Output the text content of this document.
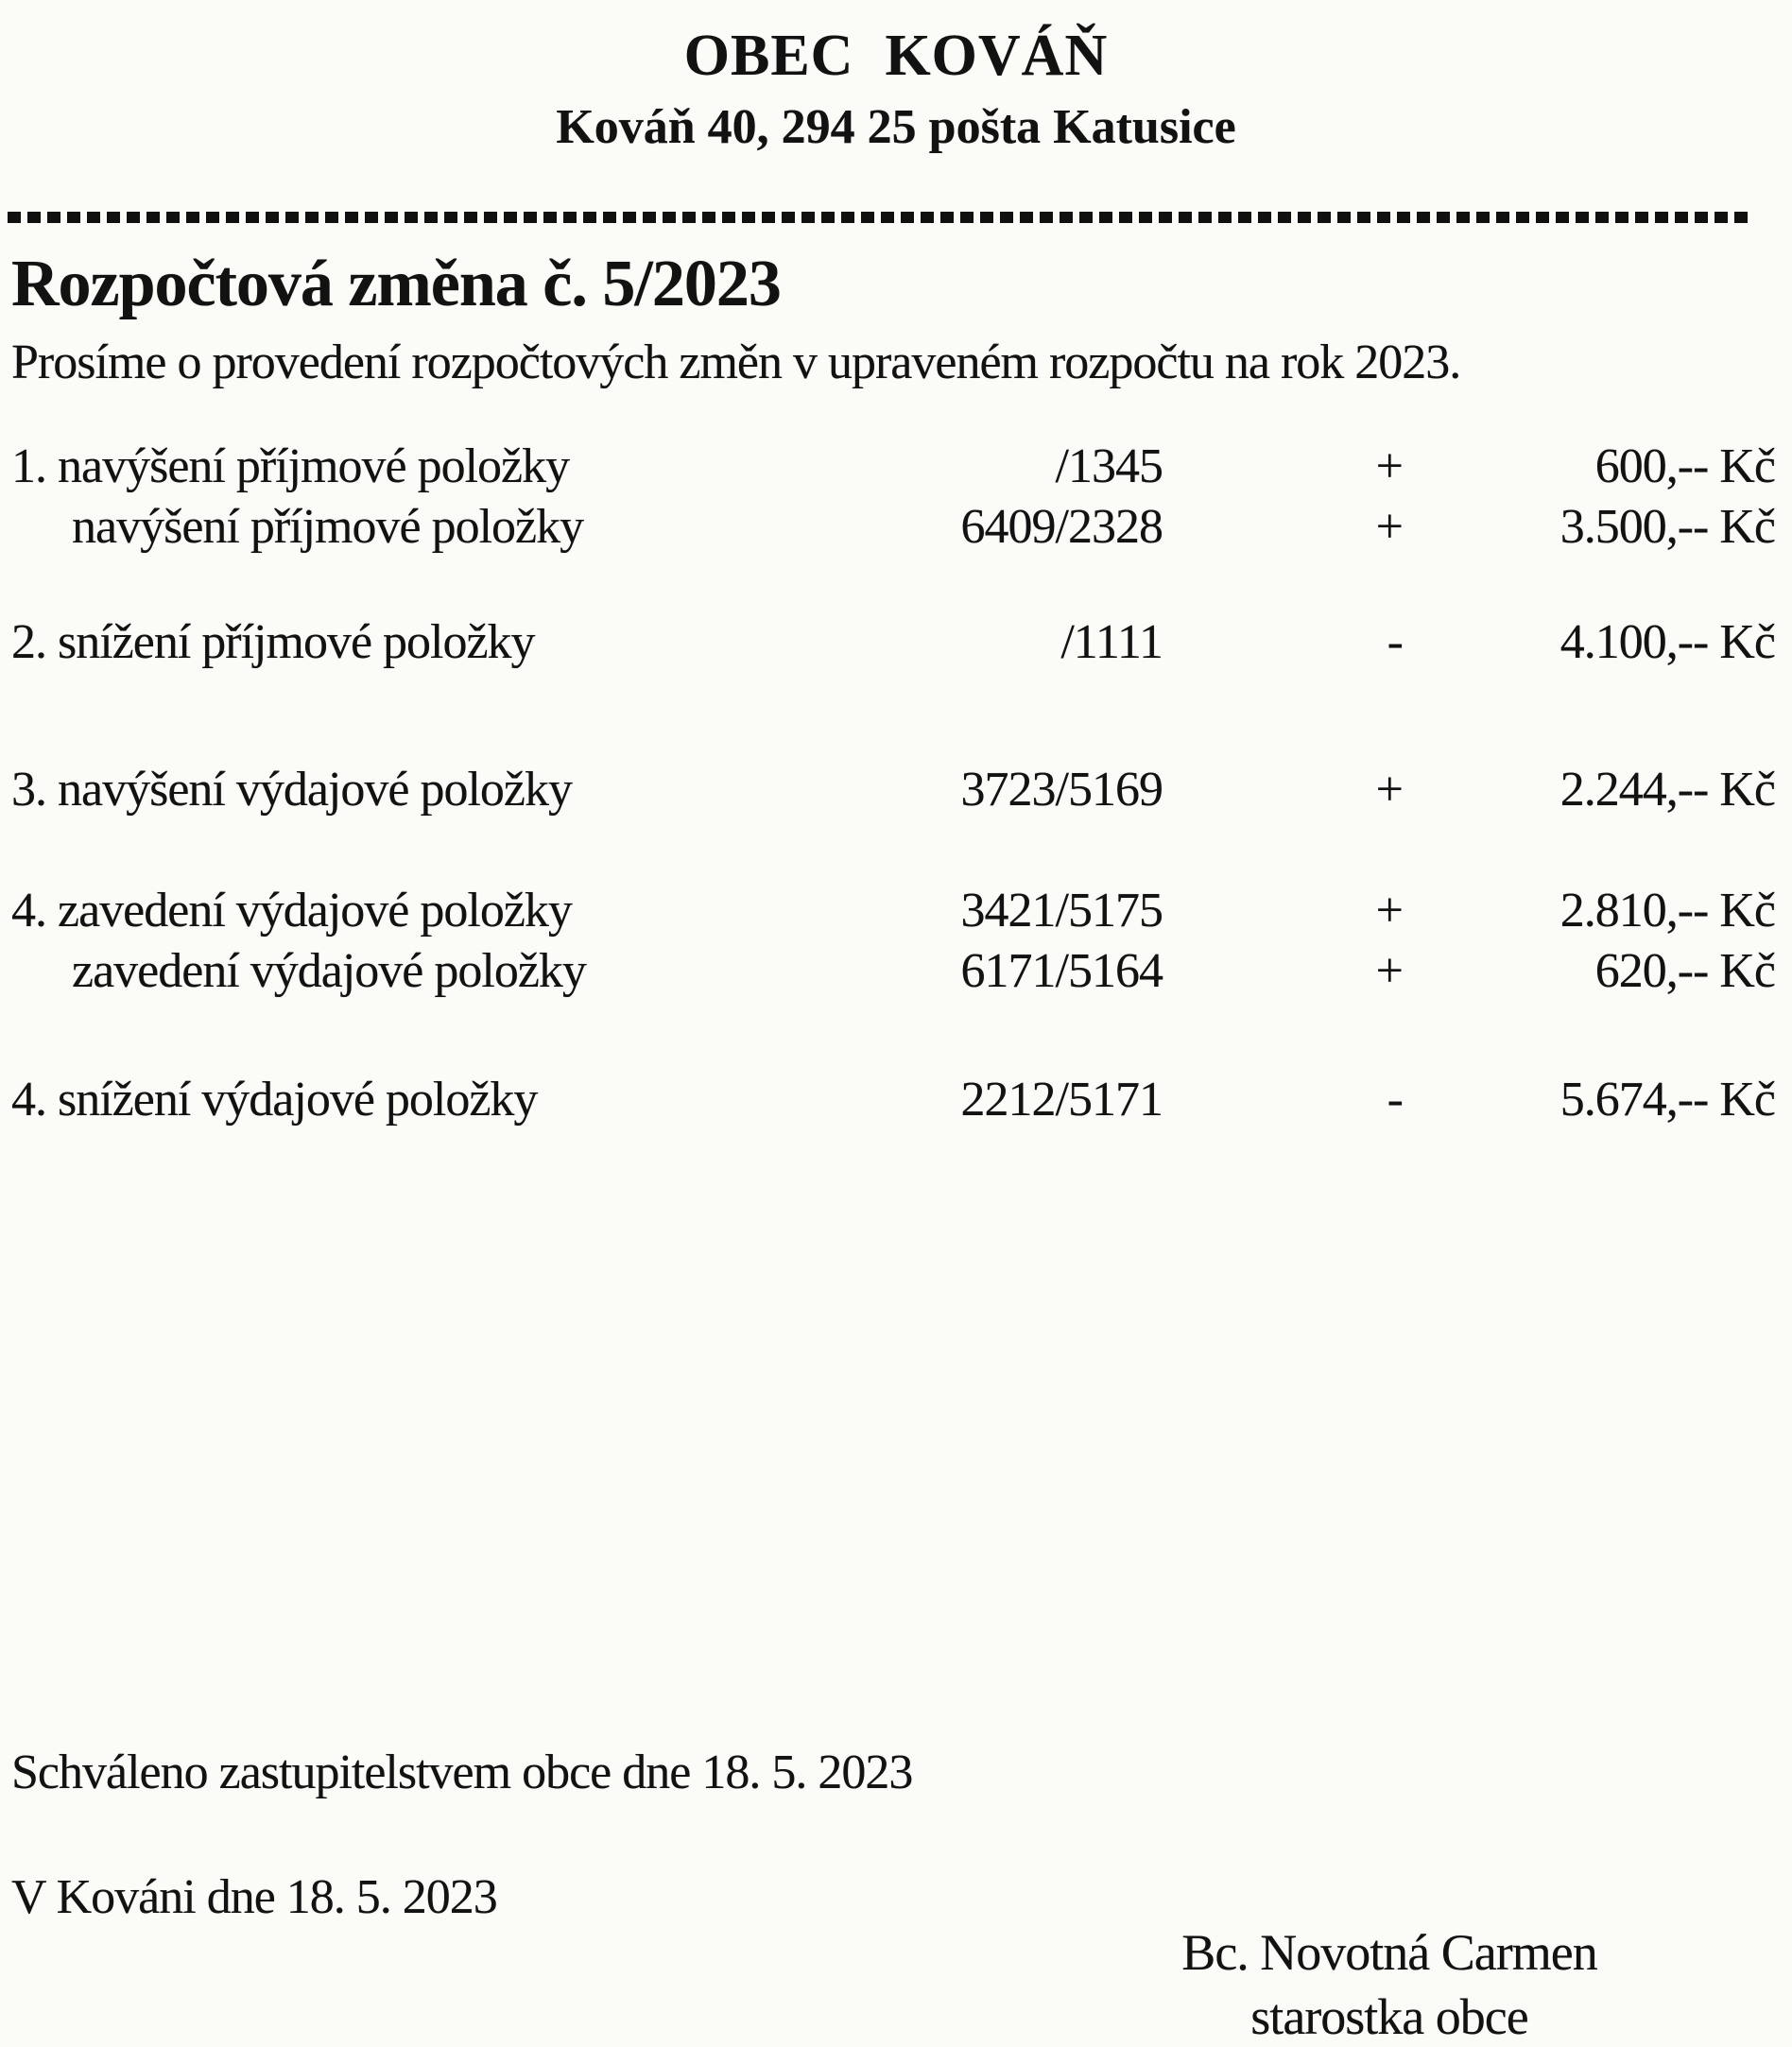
OBEC  KOVÁŇ
Kováň 40, 294 25 pošta Katusice
Rozpočtová změna č. 5/2023

Prosíme o provedení rozpočtových změn v upraveném rozpočtu na rok 2023.

1. navýšení příjmové položky	/1345	+	600,-- Kč
navýšení příjmové položky	6409/2328	+	3.500,-- Kč
2. snížení příjmové položky	/1111	-	4.100,-- Kč
3. navýšení výdajové položky	3723/5169	+	2.244,-- Kč
4. zavedení výdajové položky	3421/5175	+	2.810,-- Kč
zavedení výdajové položky	6171/5164	+	620,-- Kč
4. snížení výdajové položky	2212/5171	-	5.674,-- Kč

Schváleno zastupitelstvem obce dne 18. 5. 2023

V Kováni dne 18. 5. 2023

Bc. Novotná Carmen
starostka obce
